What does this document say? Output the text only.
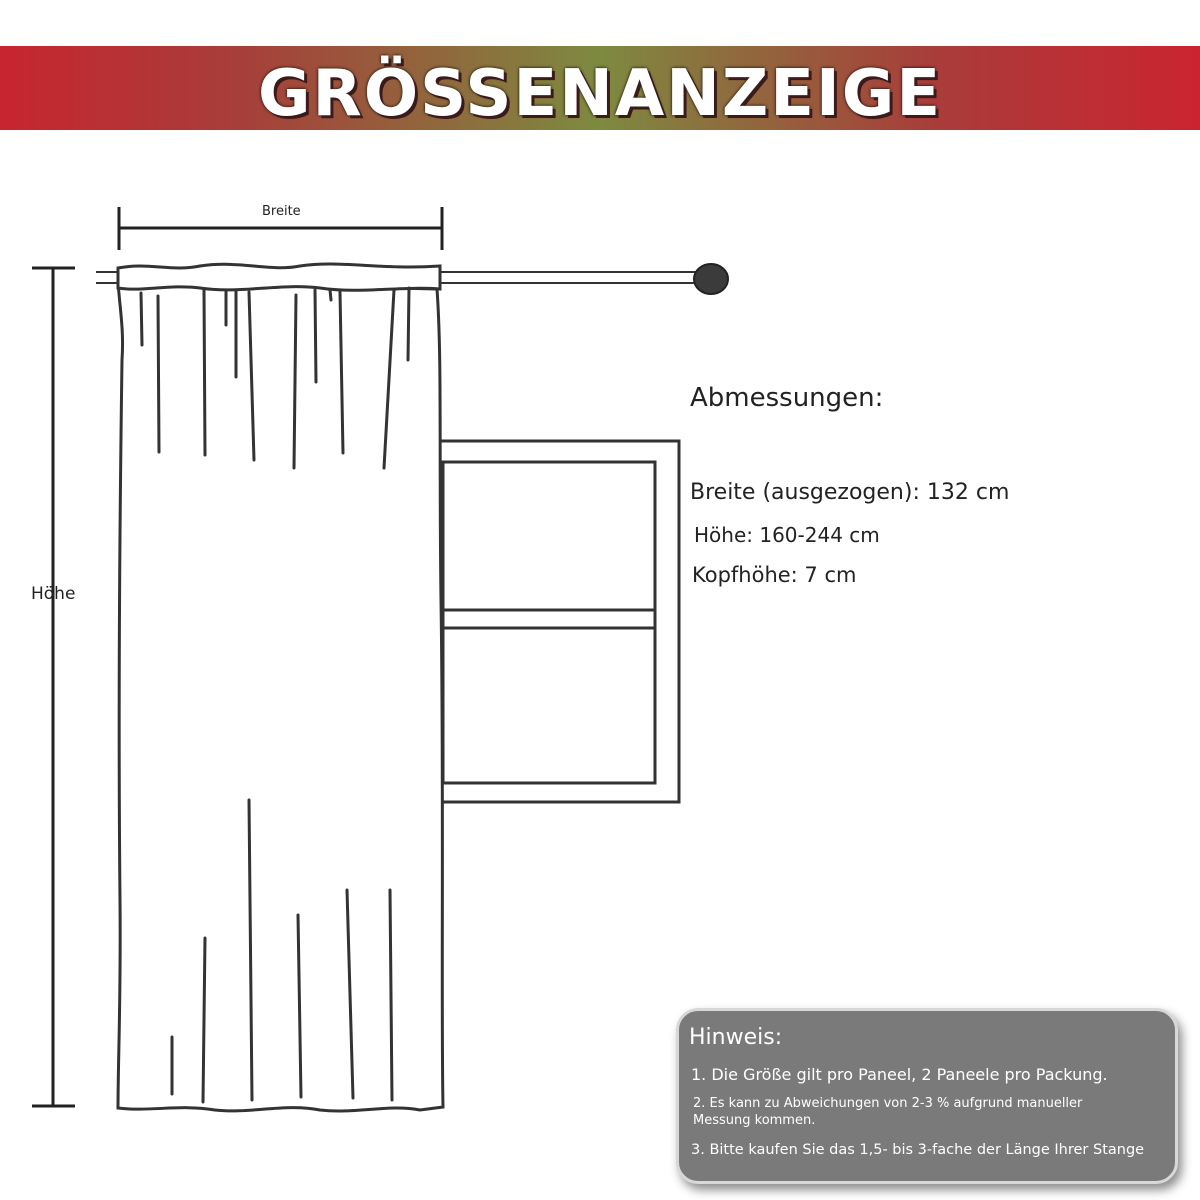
GRÖSSENANZEIGE
Breite
Höhe
Abmessungen:
Breite (ausgezogen): 132 cm
Höhe: 160-244 cm
Kopfhöhe: 7 cm
Hinweis:
1. Die Größe gilt pro Paneel, 2 Paneele pro Packung.
2. Es kann zu Abweichungen von 2-3 % aufgrund manueller Messung kommen.
3. Bitte kaufen Sie das 1,5- bis 3-fache der Länge Ihrer Stange
